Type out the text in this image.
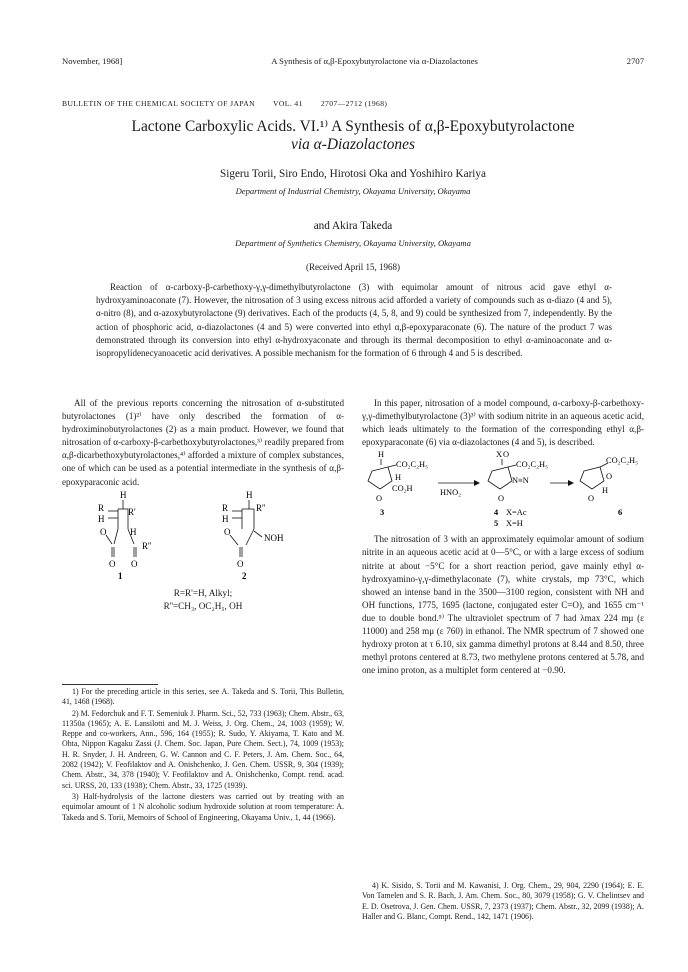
November, 1968]	A Synthesis of α,β-Epoxybutyrolactone via α-Diazolactones	2707
BULLETIN OF THE CHEMICAL SOCIETY OF JAPAN VOL. 41 2707—2712 (1968)
Lactone Carboxylic Acids. VI.¹⁾ A Synthesis of α,β-Epoxybutyrolactone
via α-Diazolactones
Sigeru Torii, Siro Endo, Hirotosi Oka and Yoshihiro Kariya
Department of Industrial Chemistry, Okayama University, Okayama
and Akira Takeda
Department of Synthetics Chemistry, Okayama University, Okayama
(Received April 15, 1968)
Reaction of α-carboxy-β-carbethoxy-γ,γ-dimethylbutyrolactone (3) with equimolar amount of nitrous acid gave ethyl α-hydroxyaminoaconate (7). However, the nitrosation of 3 using excess nitrous acid afforded a variety of compounds such as α-diazo (4 and 5), α-nitro (8), and α-azoxybutyrolactone (9) derivatives. Each of the products (4, 5, 8, and 9) could be synthesized from 7, independently. By the action of phosphoric acid, α-diazolactones (4 and 5) were converted into ethyl α,β-epoxyparaconate (6). The nature of the product 7 was demonstrated through its conversion into ethyl α-hydroxyaconate and through its thermal decomposition to ethyl α-aminoaconate and α-isopropylidenecyanoacetic acid derivatives. A possible mechanism for the formation of 6 through 4 and 5 is described.

All of the previous reports concerning the nitrosation of α-substituted butyrolactones (1)²⁾ have only described the formation of α-hydroximinobutyrolactones (2) as a main product. However, we found that nitrosation of α-carboxy-β-carbethoxybutyrolactones,³⁾ readily prepared from α,β-dicarbethoxybutyrolactones,⁴⁾ afforded a mixture of complex substances, one of which can be used as a potential intermediate in the synthesis of α,β-epoxyparaconic acid.

H
R
H
R'
O	H
R''
O O
1
H
R
H
R''
O
NOH
O
2
R=R'=H, Alkyl;
R''=CH₃, OC₂H₅, OH

1) For the preceding article in this series, see A. Takeda and S. Torii, This Bulletin, 41, 1468 (1968).

2) M. Fedorchuk and F. T. Semeniuk J. Pharm. Sci., 52, 733 (1963); Chem. Abstr., 63, 11350a (1965); A. E. Lansilotti and M. J. Weiss, J. Org. Chem., 24, 1003 (1959); W. Reppe and co-workers, Ann., 596, 164 (1955); R. Sudo, Y. Akiyama, T. Kato and M. Ohta, Nippon Kagaku Zassi (J. Chem. Soc. Japan, Pure Chem. Sect.), 74, 1009 (1953); H. R. Snyder, J. H. Andreen, G. W. Cannon and C. F. Peters, J. Am. Chem. Soc., 64, 2082 (1942); V. Feofilaktov and A. Onishchenko, J. Gen. Chem. USSR, 9, 304 (1939); Chem. Abstr., 34, 378 (1940); V. Feofilaktov and A. Onishchenko, Compt. rend. acad. sci. URSS, 20, 133 (1938); Chem. Abstr., 33, 1725 (1939).

3) Half-hydrolysis of the lactone diesters was carried out by treating with an equimolar amount of 1 N alcoholic sodium hydroxide solution at room temperature: A. Takeda and S. Torii, Memoirs of School of Engineering, Okayama Univ., 1, 44 (1966).

In this paper, nitrosation of a model compound, α-carboxy-β-carbethoxy-γ,γ-dimethylbutyrolactone (3)³⁾ with sodium nitrite in an aqueous acetic acid, which leads ultimately to the formation of the corresponding ethyl α,β-epoxyparaconate (6) via α-diazolactones (4 and 5), is described.

H
CO₂C₂H₅
H
CO₂H
O
3
HNO₂
X O
CO₂C₂H₅
N≡N
O
4 X=Ac
5 X=H
CO₂C₂H₅
O
H
O
6

The nitrosation of 3 with an approximately equimolar amount of sodium nitrite in an aqueous acetic acid at 0—5°C, or with a large excess of sodium nitrite at about −5°C for a short reaction period, gave mainly ethyl α-hydroxyamino-γ,γ-dimethylaconate (7), white crystals, mp 73°C, which showed an intense band in the 3500—3100 region, consistent with NH and OH functions, 1775, 1695 (lactone, conjugated ester C=O), and 1655 cm⁻¹ due to double bond.⁵⁾ The ultraviolet spectrum of 7 had λmax 224 mμ (ε 11000) and 258 mμ (ε 760) in ethanol. The NMR spectrum of 7 showed one hydroxy proton at τ 6.10, six gamma dimethyl protons at 8.44 and 8.50, three methyl protons centered at 8.73, two methylene protons centered at 5.78, and one imino proton, as a multiplet form centered at −0.90.

4) K. Sisido, S. Torii and M. Kawanisi, J. Org. Chem., 29, 904, 2290 (1964); E. E. Von Tamelen and S. R. Bach, J. Am. Chem. Soc., 80, 3079 (1958); G. V. Chelintsev and E. D. Osetrova, J. Gen. Chem. USSR, 7, 2373 (1937); Chem. Abstr., 32, 2099 (1938); A. Haller and G. Blanc, Compt. Rend., 142, 1471 (1906).
